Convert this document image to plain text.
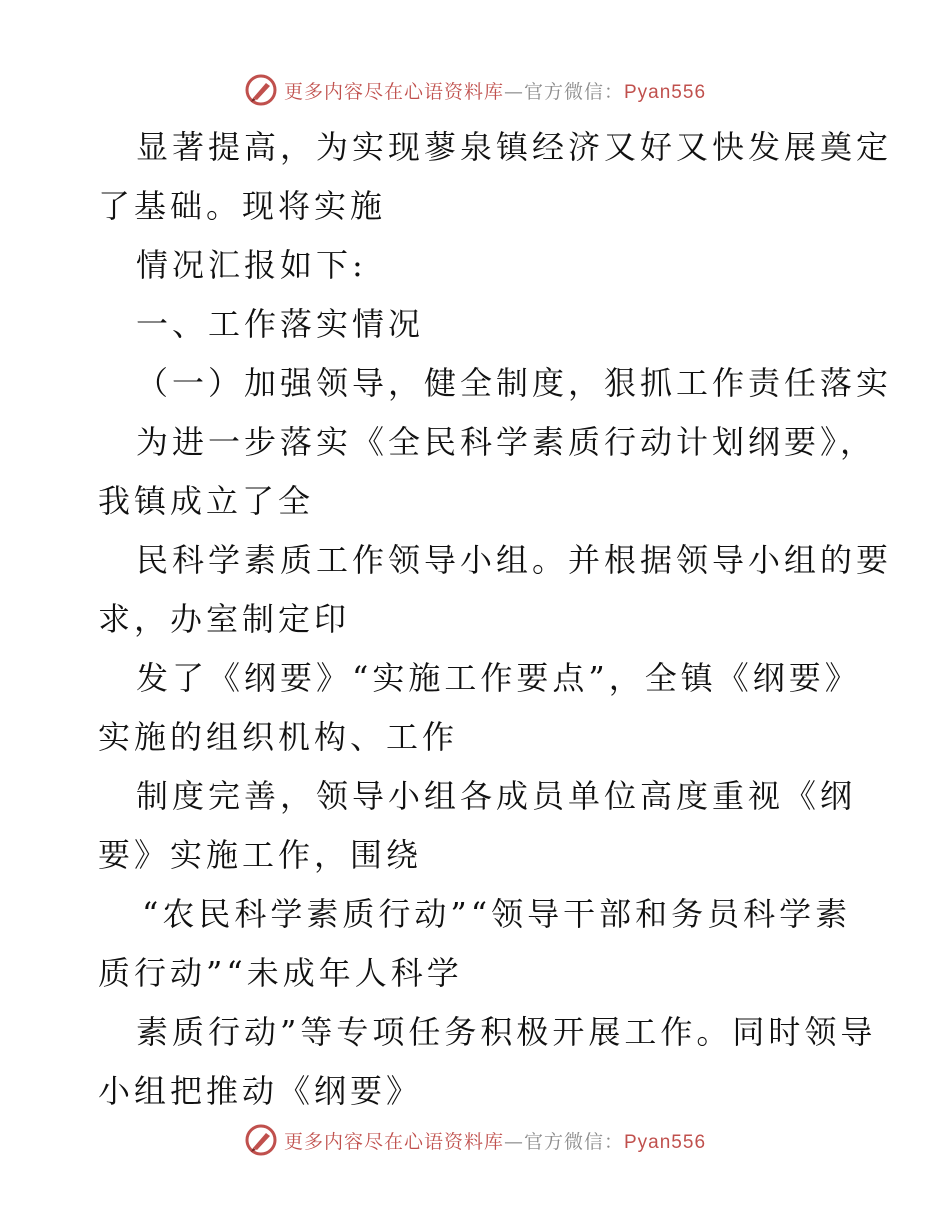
更多内容尽在心语资料库—官方微信：Pyan556
显著提高，为实现蓼泉镇经济又好又快发展奠定
了基础。现将实施
情况汇报如下:
一、工作落实情况
（一）加强领导，健全制度，狠抓工作责任落实
为进一步落实《全民科学素质行动计划纲要》，
我镇成立了全
民科学素质工作领导小组。并根据领导小组的要
求，办室制定印
发了《纲要》“实施工作要点”，全镇《纲要》
实施的组织机构、工作
制度完善，领导小组各成员单位高度重视《纲
要》实施工作，围绕
“农民科学素质行动”“领导干部和务员科学素
质行动”“未成年人科学
素质行动”等专项任务积极开展工作。同时领导
小组把推动《纲要》
更多内容尽在心语资料库—官方微信：Pyan556
